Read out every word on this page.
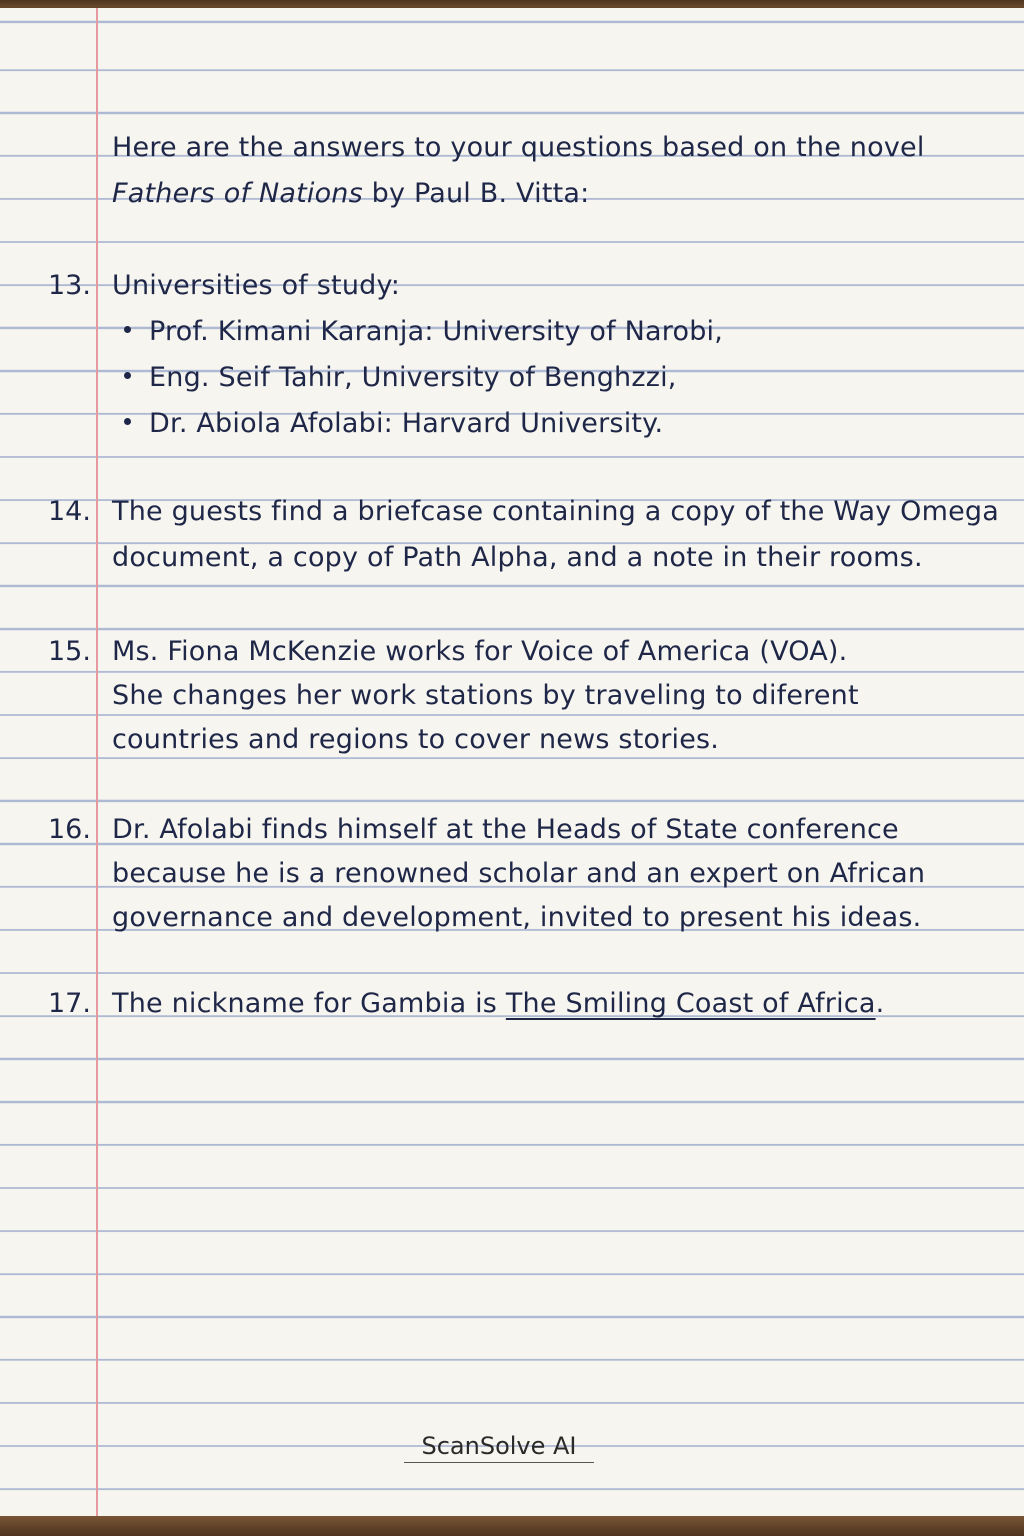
Here are the answers to your questions based on the novel
Fathers of Nations by Paul B. Vitta:
13. Universities of study:
Prof. Kimani Karanja: University of Narobi,
Eng. Seif Tahir, University of Benghzzi,
Dr. Abiola Afolabi: Harvard University.
14. The guests find a briefcase containing a copy of the Way Omega
document, a copy of Path Alpha, and a note in their rooms.
15. Ms. Fiona McKenzie works for Voice of America (VOA).
She changes her work stations by traveling to diferent
countries and regions to cover news stories.
16. Dr. Afolabi finds himself at the Heads of State conference
because he is a renowned scholar and an expert on African
governance and development, invited to present his ideas.
17. The nickname for Gambia is The Smiling Coast of Africa.
ScanSolve AI
